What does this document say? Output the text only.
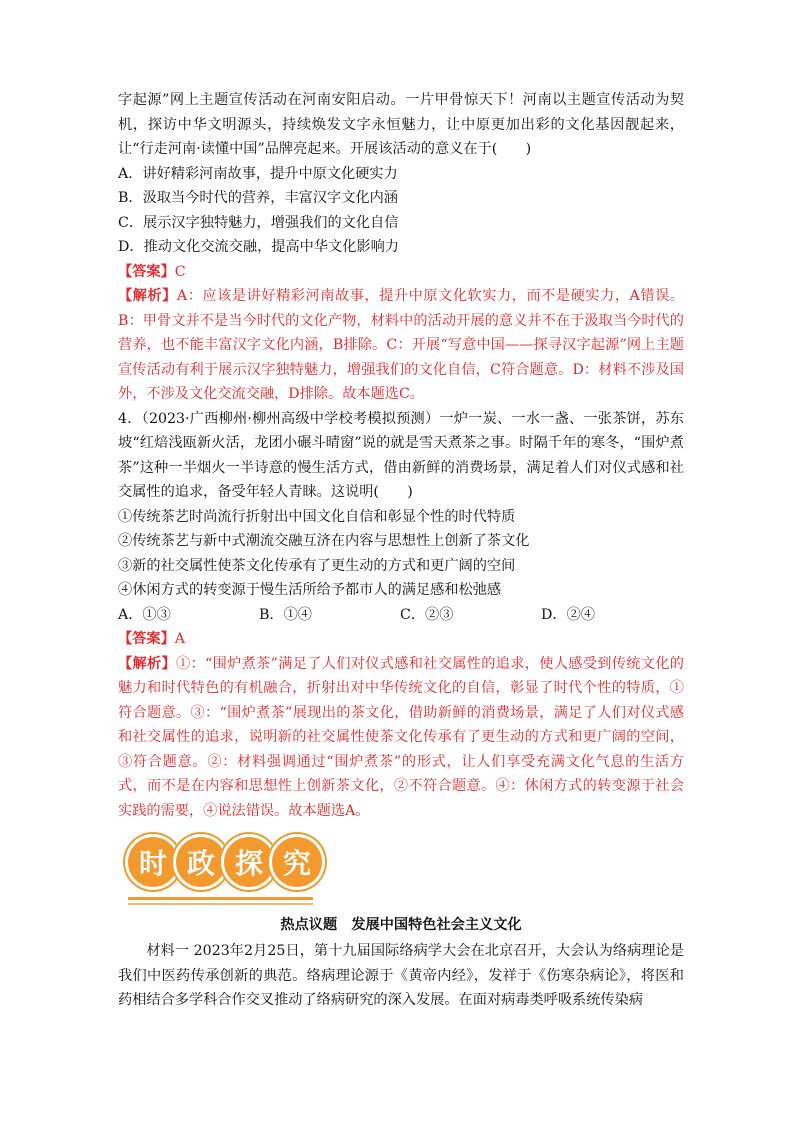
字起源”网上主题宣传活动在河南安阳启动。一片甲骨惊天下！河南以主题宣传活动为契机，探访中华文明源头，持续焕发文字永恒魅力，让中原更加出彩的文化基因靓起来，让“行走河南·读懂中国”品牌亮起来。开展该活动的意义在于(　　)

A．讲好精彩河南故事，提升中原文化硬实力

B．汲取当今时代的营养，丰富汉字文化内涵

C．展示汉字独特魅力，增强我们的文化自信

D．推动文化交流交融，提高中华文化影响力

【答案】C

【解析】A：应该是讲好精彩河南故事，提升中原文化软实力，而不是硬实力，A错误。B：甲骨文并不是当今时代的文化产物，材料中的活动开展的意义并不在于汲取当今时代的营养，也不能丰富汉字文化内涵，B排除。C：开展“写意中国——探寻汉字起源”网上主题宣传活动有利于展示汉字独特魅力，增强我们的文化自信，C符合题意。D：材料不涉及国外，不涉及文化交流交融，D排除。故本题选C。

4．（2023·广西柳州·柳州高级中学校考模拟预测）一炉一炭、一水一盏、一张茶饼，苏东坡“红焙浅瓯新火活，龙团小碾斗晴窗”说的就是雪天煮茶之事。时隔千年的寒冬，“围炉煮茶”这种一半烟火一半诗意的慢生活方式，借由新鲜的消费场景，满足着人们对仪式感和社交属性的追求，备受年轻人青睐。这说明(　　)

①传统茶艺时尚流行折射出中国文化自信和彰显个性的时代特质

②传统茶艺与新中式潮流交融互济在内容与思想性上创新了茶文化

③新的社交属性使茶文化传承有了更生动的方式和更广阔的空间

④休闲方式的转变源于慢生活所给予都市人的满足感和松弛感

A．①③	B．①④	C．②③	D．②④

【答案】A

【解析】①：“围炉煮茶”满足了人们对仪式感和社交属性的追求，使人感受到传统文化的魅力和时代特色的有机融合，折射出对中华传统文化的自信，彰显了时代个性的特质，①符合题意。③：“围炉煮茶”展现出的茶文化，借助新鲜的消费场景，满足了人们对仪式感和社交属性的追求，说明新的社交属性使茶文化传承有了更生动的方式和更广阔的空间，③符合题意。②：材料强调通过“围炉煮茶”的形式，让人们享受充满文化气息的生活方式，而不是在内容和思想性上创新茶文化，②不符合题意。④：休闲方式的转变源于社会实践的需要，④说法错误。故本题选A。

时 政 探 究

热点议题　发展中国特色社会主义文化

材料一 2023年2月25日，第十九届国际络病学大会在北京召开，大会认为络病理论是我们中医药传承创新的典范。络病理论源于《黄帝内经》，发祥于《伤寒杂病论》，将医和药相结合多学科合作交叉推动了络病研究的深入发展。在面对病毒类呼吸系统传染病
